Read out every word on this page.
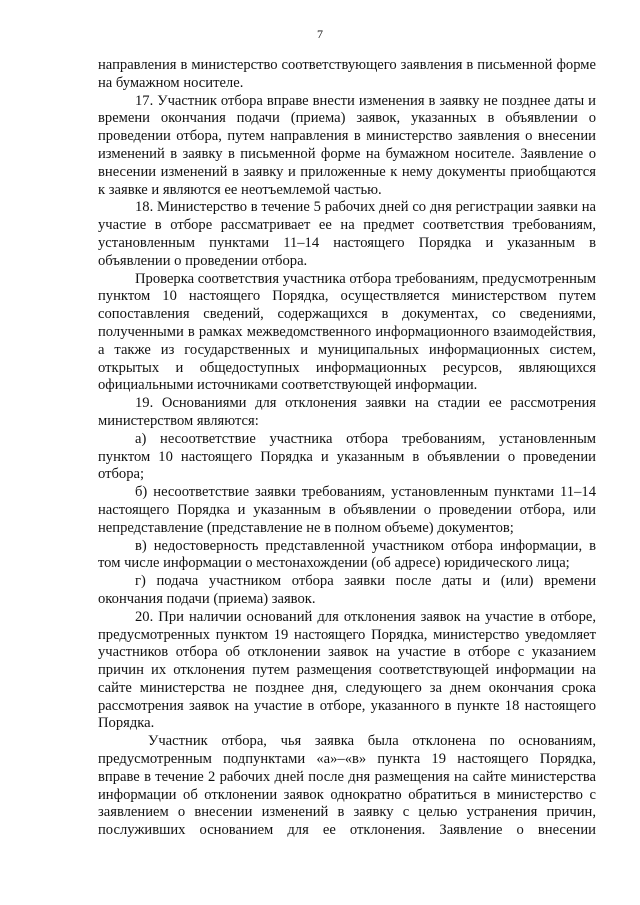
7

направления в министерство соответствующего заявления в письменной форме на бумажном носителе.

17. Участник отбора вправе внести изменения в заявку не позднее даты и времени окончания подачи (приема) заявок, указанных в объявлении о проведении отбора, путем направления в министерство заявления о внесении изменений в заявку в письменной форме на бумажном носителе. Заявление о внесении изменений в заявку и приложенные к нему документы приобщаются к заявке и являются ее неотъемлемой частью.

18. Министерство в течение 5 рабочих дней со дня регистрации заявки на участие в отборе рассматривает ее на предмет соответствия требованиям, установленным пунктами 11–14 настоящего Порядка и указанным в объявлении о проведении отбора.

Проверка соответствия участника отбора требованиям, предусмотренным пунктом 10 настоящего Порядка, осуществляется министерством путем сопоставления сведений, содержащихся в документах, со сведениями, полученными в рамках межведомственного информационного взаимодействия, а также из государственных и муниципальных информационных систем, открытых и общедоступных информационных ресурсов, являющихся официальными источниками соответствующей информации.

19. Основаниями для отклонения заявки на стадии ее рассмотрения министерством являются:

а) несоответствие участника отбора требованиям, установленным пунктом 10 настоящего Порядка и указанным в объявлении о проведении отбора;

б) несоответствие заявки требованиям, установленным пунктами 11–14 настоящего Порядка и указанным в объявлении о проведении отбора, или непредставление (представление не в полном объеме) документов;

в) недостоверность представленной участником отбора информации, в том числе информации о местонахождении (об адресе) юридического лица;

г) подача участником отбора заявки после даты и (или) времени окончания подачи (приема) заявок.

20. При наличии оснований для отклонения заявок на участие в отборе, предусмотренных пунктом 19 настоящего Порядка, министерство уведомляет участников отбора об отклонении заявок на участие в отборе с указанием причин их отклонения путем размещения соответствующей информации на сайте министерства не позднее дня, следующего за днем окончания срока рассмотрения заявок на участие в отборе, указанного в пункте 18 настоящего Порядка.

Участник отбора, чья заявка была отклонена по основаниям, предусмотренным подпунктами «а»–«в» пункта 19 настоящего Порядка, вправе в течение 2 рабочих дней после дня размещения на сайте министерства информации об отклонении заявок однократно обратиться в министерство с заявлением о внесении изменений в заявку с целью устранения причин, послуживших основанием для ее отклонения. Заявление о внесении
